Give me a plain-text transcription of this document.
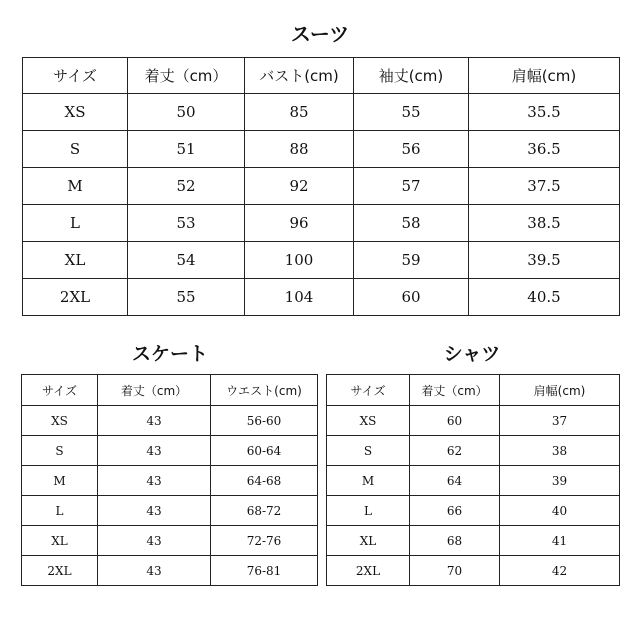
スーツ
サイズ	着丈（cm）	バスト(cm)	袖丈(cm)	肩幅(cm)
XS	50	85	55	35.5
S	51	88	56	36.5
M	52	92	57	37.5
L	53	96	58	38.5
XL	54	100	59	39.5
2XL	55	104	60	40.5
スケート
サイズ	着丈（cm）	ウエスト(cm)
XS	43	56-60
S	43	60-64
M	43	64-68
L	43	68-72
XL	43	72-76
2XL	43	76-81
シャツ
サイズ	着丈（cm）	肩幅(cm)
XS	60	37
S	62	38
M	64	39
L	66	40
XL	68	41
2XL	70	42
